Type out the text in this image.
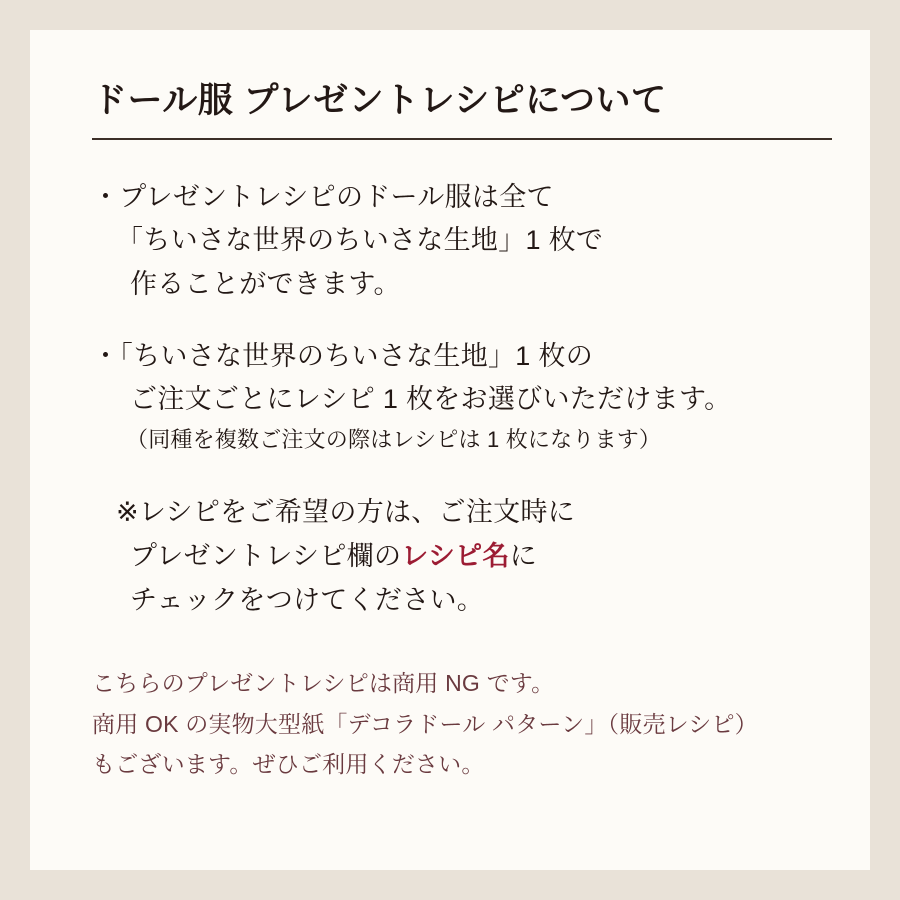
ドール服 プレゼントレシピについて
・プレゼントレシピのドール服は全て
「ちいさな世界のちいさな生地」1 枚で
作ることができます。
・「ちいさな世界のちいさな生地」1 枚の
ご注文ごとにレシピ 1 枚をお選びいただけます。
（同種を複数ご注文の際はレシピは 1 枚になります）
※レシピをご希望の方は、ご注文時に
プレゼントレシピ欄のレシピ名に
チェックをつけてください。
こちらのプレゼントレシピは商用 NG です。
商用 OK の実物大型紙「デコラドール パターン」（販売レシピ）
もございます。ぜひご利用ください。
